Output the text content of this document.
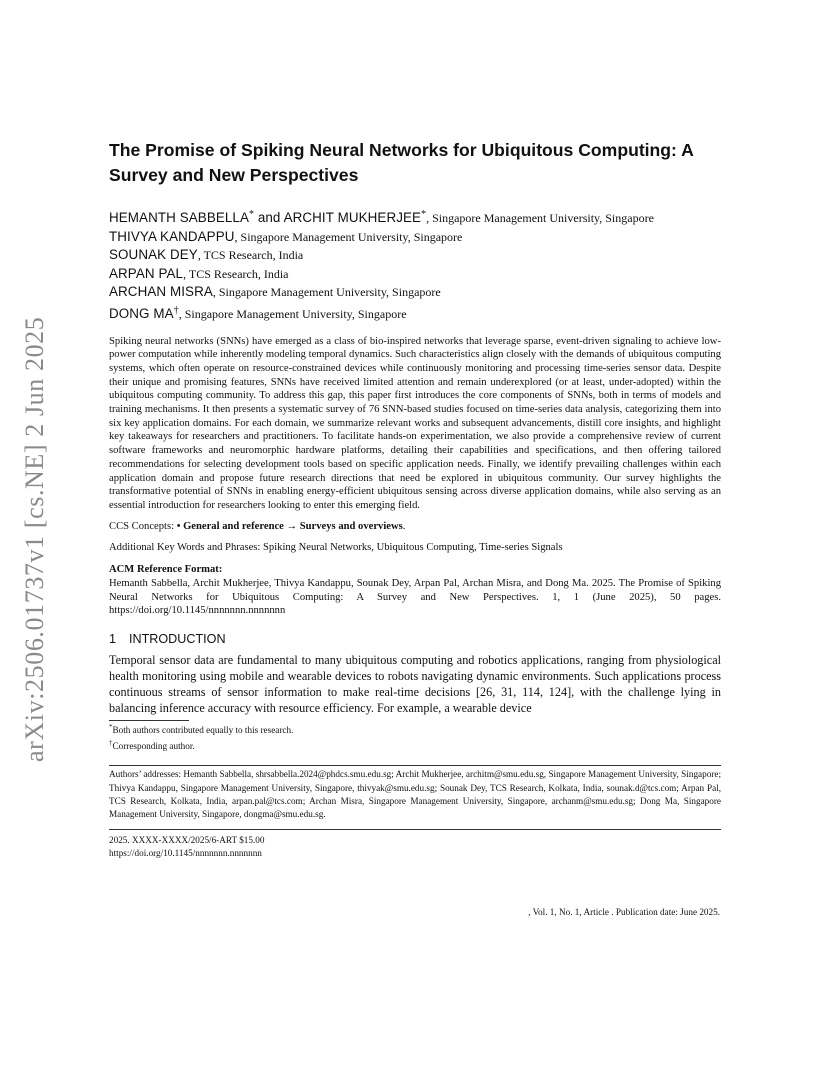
arXiv:2506.01737v1 [cs.NE] 2 Jun 2025
The Promise of Spiking Neural Networks for Ubiquitous Computing: A Survey and New Perspectives
HEMANTH SABBELLA* and ARCHIT MUKHERJEE*, Singapore Management University, Singapore
THIVYA KANDAPPU, Singapore Management University, Singapore
SOUNAK DEY, TCS Research, India
ARPAN PAL, TCS Research, India
ARCHAN MISRA, Singapore Management University, Singapore
DONG MA†, Singapore Management University, Singapore

Spiking neural networks (SNNs) have emerged as a class of bio-inspired networks that leverage sparse, event-driven signaling to achieve low-power computation while inherently modeling temporal dynamics. Such characteristics align closely with the demands of ubiquitous computing systems, which often operate on resource-constrained devices while continuously monitoring and processing time-series sensor data. Despite their unique and promising features, SNNs have received limited attention and remain underexplored (or at least, under-adopted) within the ubiquitous computing community. To address this gap, this paper first introduces the core components of SNNs, both in terms of models and training mechanisms. It then presents a systematic survey of 76 SNN-based studies focused on time-series data analysis, categorizing them into six key application domains. For each domain, we summarize relevant works and subsequent advancements, distill core insights, and highlight key takeaways for researchers and practitioners. To facilitate hands-on experimentation, we also provide a comprehensive review of current software frameworks and neuromorphic hardware platforms, detailing their capabilities and specifications, and then offering tailored recommendations for selecting development tools based on specific application needs. Finally, we identify prevailing challenges within each application domain and propose future research directions that need be explored in ubiquitous community. Our survey highlights the transformative potential of SNNs in enabling energy-efficient ubiquitous sensing across diverse application domains, while also serving as an essential introduction for researchers looking to enter this emerging field.

CCS Concepts: • General and reference → Surveys and overviews.
Additional Key Words and Phrases: Spiking Neural Networks, Ubiquitous Computing, Time-series Signals
ACM Reference Format:
Hemanth Sabbella, Archit Mukherjee, Thivya Kandappu, Sounak Dey, Arpan Pal, Archan Misra, and Dong Ma. 2025. The Promise of Spiking Neural Networks for Ubiquitous Computing: A Survey and New Perspectives. 1, 1 (June 2025), 50 pages. https://doi.org/10.1145/nnnnnnn.nnnnnnn
1 INTRODUCTION
Temporal sensor data are fundamental to many ubiquitous computing and robotics applications, ranging from physiological health monitoring using mobile and wearable devices to robots navigating dynamic environments. Such applications process continuous streams of sensor information to make real-time decisions [26, 31, 114, 124], with the challenge lying in balancing inference accuracy with resource efficiency. For example, a wearable device
*Both authors contributed equally to this research.
†Corresponding author.
Authors’ addresses: Hemanth Sabbella, shrsabbella.2024@phdcs.smu.edu.sg; Archit Mukherjee, architm@smu.edu.sg, Singapore Management University, Singapore; Thivya Kandappu, Singapore Management University, Singapore, thivyak@smu.edu.sg; Sounak Dey, TCS Research, Kolkata, India, sounak.d@tcs.com; Arpan Pal, TCS Research, Kolkata, India, arpan.pal@tcs.com; Archan Misra, Singapore Management University, Singapore, archanm@smu.edu.sg; Dong Ma, Singapore Management University, Singapore, dongma@smu.edu.sg.
2025. XXXX-XXXX/2025/6-ART $15.00
https://doi.org/10.1145/nnnnnnn.nnnnnnn
, Vol. 1, No. 1, Article . Publication date: June 2025.
